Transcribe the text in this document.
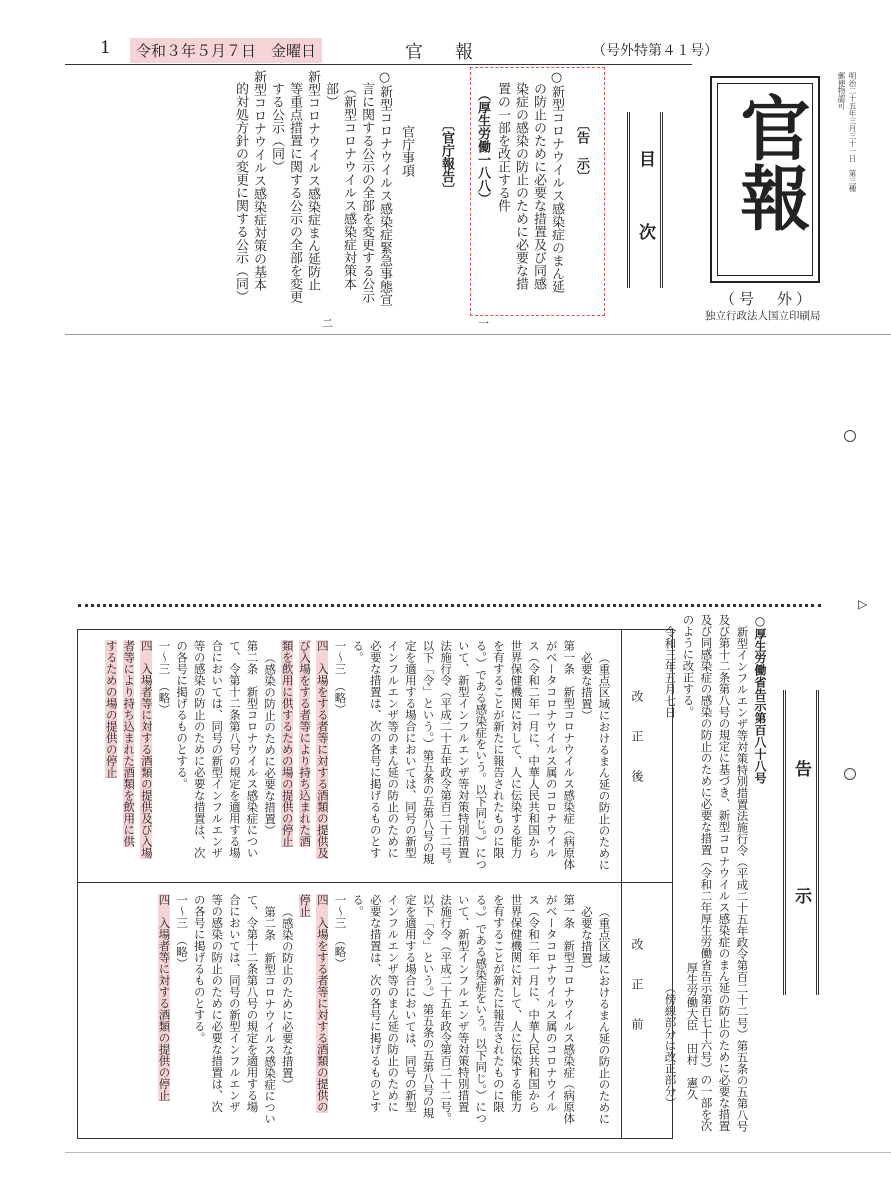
1	令和３年５月７日　金曜日	官報	（号外特第４１号）
官報
（号　外）
独立行政法人国立印刷局
明治二十五年三月三十一日　第三種郵便物認可
目次
〔告　示〕
○新型コロナウイルス感染症のまん延
の防止のために必要な措置及び同感
染症の感染の防止のために必要な措
置の一部を改正する件
（厚生労働一八八）
一
〔官庁報告〕
官庁事項
○新型コロナウイルス感染症緊急事態宣
言に関する公示の全部を変更する公示
（新型コロナウイルス感染症対策本
部）
新型コロナウイルス感染症まん延防止
等重点措置に関する公示の全部を変更
する公示（同）
新型コロナウイルス感染症対策の基本
的対処方針の変更に関する公示（同）
二
▷
告示
○厚生労働省告示第百八十八号
新型インフルエンザ等対策特別措置法施行令（平成二十五年政令第百二十二号）第五条の五第八号
及び第十二条第八号の規定に基づき、新型コロナウイルス感染症のまん延の防止のために必要な措置
及び同感染症の感染の防止のために必要な措置（令和二年厚生労働省告示第百七十六号）の一部を次
のように改正する。
令和三年五月七日
厚生労働大臣　田村　憲久
（傍線部分は改正部分）
改正後
改正前
（重点区域におけるまん延の防止のために
必要な措置）
第一条　新型コロナウイルス感染症（病原体
がベータコロナウイルス属のコロナウイル
ス（令和二年一月に、中華人民共和国から
世界保健機関に対して、人に伝染する能力
を有することが新たに報告されたものに限
る。）である感染症をいう。以下同じ。）につ
いて、新型インフルエンザ等対策特別措置
法施行令（平成二十五年政令第百二十二号。
以下「令」という。）第五条の五第八号の規
定を適用する場合においては、同号の新型
インフルエンザ等のまん延の防止のために
必要な措置は、次の各号に掲げるものとす
る。
一～三　（略）
四　入場をする者等に対する酒類の提供及
び入場をする者等により持ち込まれた酒
類を飲用に供するための場の提供の停止
（感染の防止のために必要な措置）
第二条　新型コロナウイルス感染症につい
て、令第十二条第八号の規定を適用する場
合においては、同号の新型インフルエンザ
等の感染の防止のために必要な措置は、次
の各号に掲げるものとする。
一～三　（略）
四　入場者等に対する酒類の提供及び入場
者等により持ち込まれた酒類を飲用に供
するための場の提供の停止
（重点区域におけるまん延の防止のために
必要な措置）
第一条　新型コロナウイルス感染症（病原体
がベータコロナウイルス属のコロナウイル
ス（令和二年一月に、中華人民共和国から
世界保健機関に対して、人に伝染する能力
を有することが新たに報告されたものに限
る。）である感染症をいう。以下同じ。）につ
いて、新型インフルエンザ等対策特別措置
法施行令（平成二十五年政令第百二十二号。
以下「令」という。）第五条の五第八号の規
定を適用する場合においては、同号の新型
インフルエンザ等のまん延の防止のために
必要な措置は、次の各号に掲げるものとす
る。
一～三　（略）
四　入場をする者等に対する酒類の提供の
停止
（感染の防止のために必要な措置）
第二条　新型コロナウイルス感染症につい
て、令第十二条第八号の規定を適用する場
合においては、同号の新型インフルエンザ
等の感染の防止のために必要な措置は、次
の各号に掲げるものとする。
一～三　（略）
四　入場者等に対する酒類の提供の停止
